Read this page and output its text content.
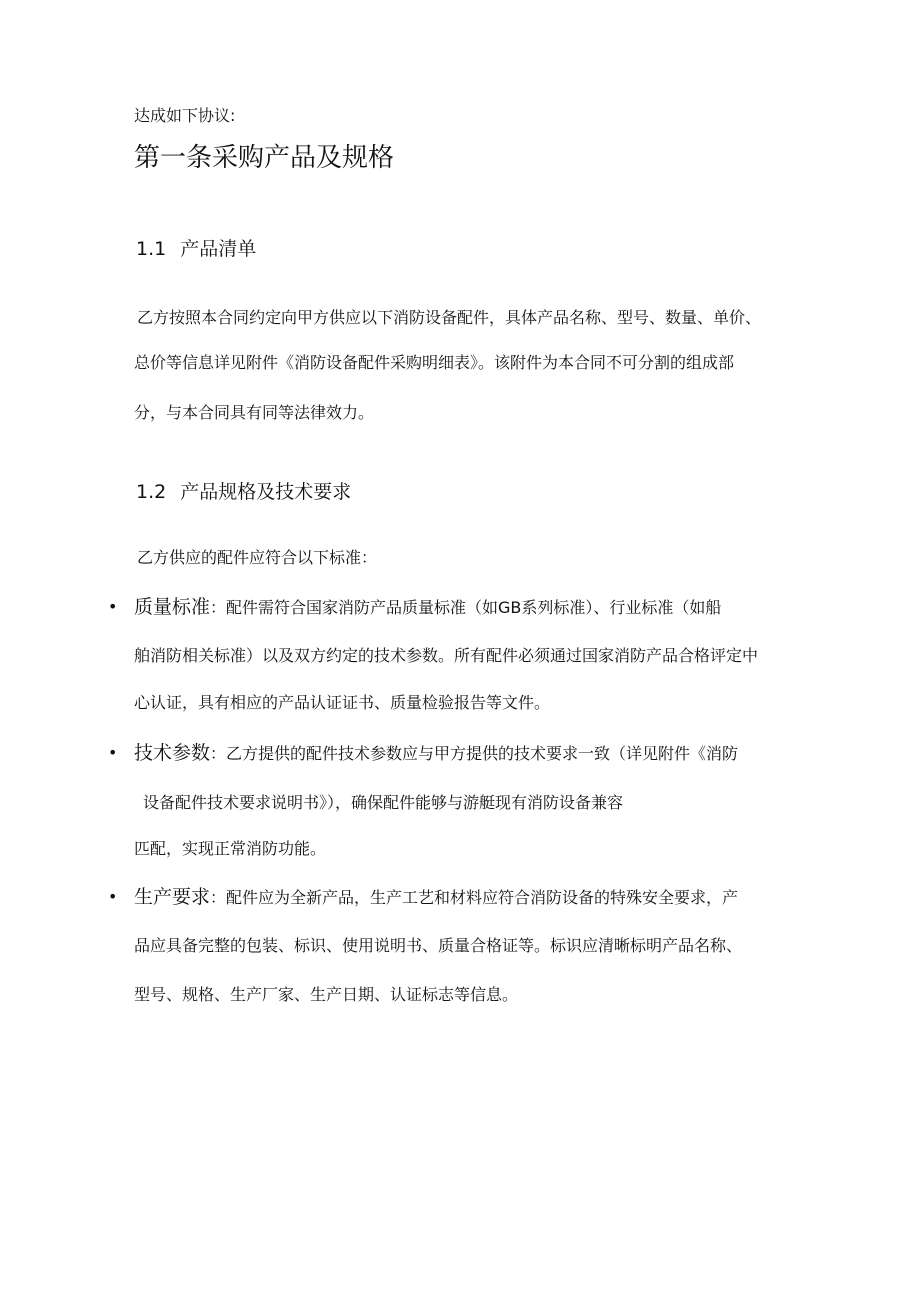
达成如下协议:
第一条采购产品及规格
1.1 产品清单
乙方按照本合同约定向甲方供应以下消防设备配件，具体产品名称、型号、数量、单价、
总价等信息详见附件《消防设备配件采购明细表》。该附件为本合同不可分割的组成部
分，与本合同具有同等法律效力。
1.2 产品规格及技术要求
乙方供应的配件应符合以下标准：
• 质量标准：配件需符合国家消防产品质量标准（如GB系列标准）、行业标准（如船
舶消防相关标准）以及双方约定的技术参数。所有配件必须通过国家消防产品合格评定中
心认证，具有相应的产品认证证书、质量检验报告等文件。
• 技术参数：乙方提供的配件技术参数应与甲方提供的技术要求一致（详见附件《消防
设备配件技术要求说明书》），确保配件能够与游艇现有消防设备兼容
匹配，实现正常消防功能。
• 生产要求：配件应为全新产品，生产工艺和材料应符合消防设备的特殊安全要求，产
品应具备完整的包装、标识、使用说明书、质量合格证等。标识应清晰标明产品名称、
型号、规格、生产厂家、生产日期、认证标志等信息。
